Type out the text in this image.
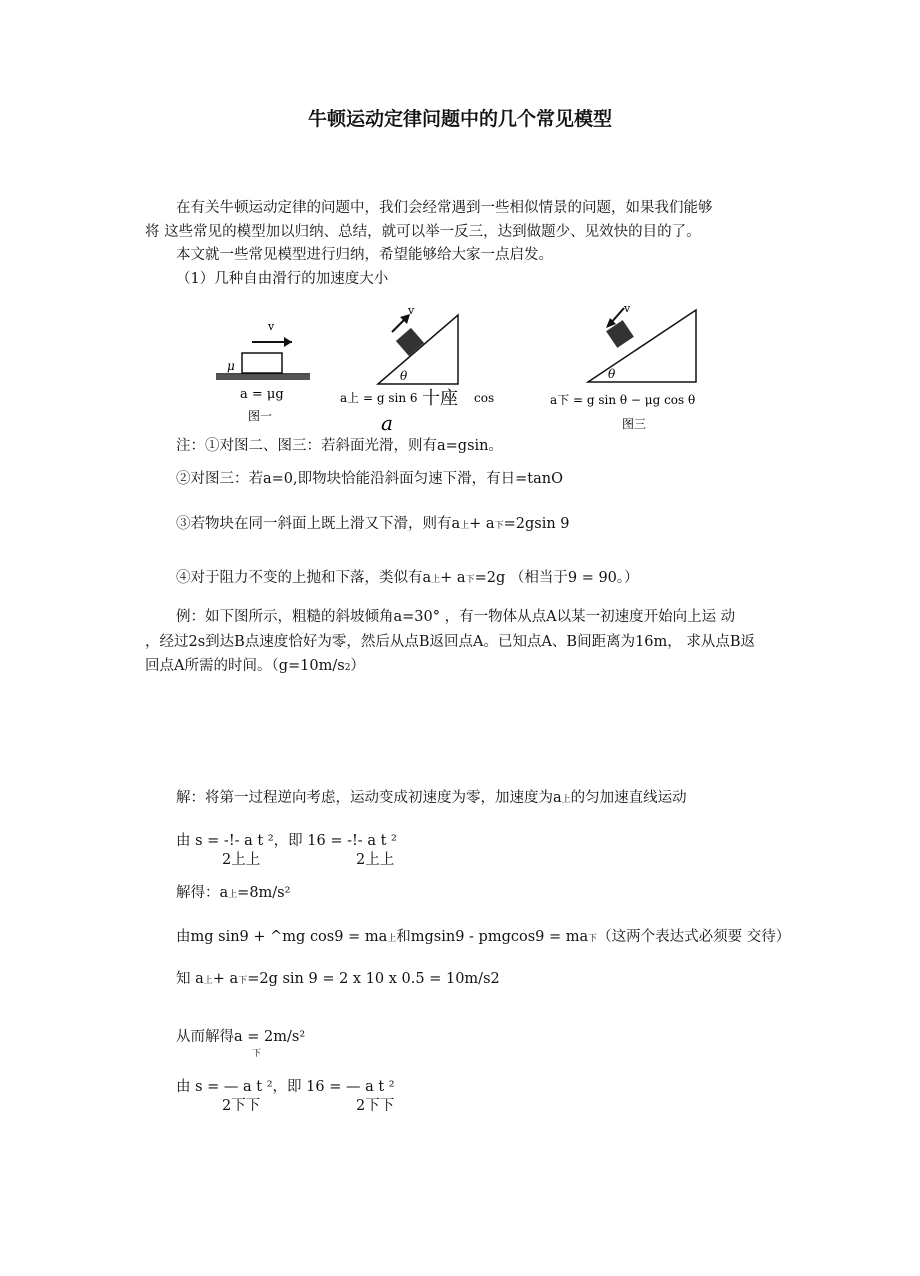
牛顿运动定律问题中的几个常见模型
在有关牛顿运动定律的问题中，我们会经常遇到一些相似情景的问题，如果我们能够
将 这些常见的模型加以归纳、总结，就可以举一反三，达到做题少、见效快的目的了。
本文就一些常见模型进行归纳，希望能够给大家一点启发。
（1）几种自由滑行的加速度大小
v
μ
a = μg
图一
v
θ
a上 = g sin 6 十座 cos
a
v
θ
a下 = g sin θ − μg cos θ
图三
注：①对图二、图三：若斜面光滑，则有a=gsin。
②对图三：若a=0,即物块恰能沿斜面匀速下滑，有日=tanO
③若物块在同一斜面上既上滑又下滑，则有a上+ a下=2gsin 9
④对于阻力不变的上抛和下落，类似有a上+ a下=2g （相当于9 = 90。）
例：如下图所示，粗糙的斜坡倾角a=30° ，有一物体从点A以某一初速度开始向上运 动
，经过2s到达B点速度恰好为零，然后从点B返回点A。已知点A、B间距离为16m， 求从点B返
回点A所需的时间。（g=10m/s2）
解：将第一过程逆向考虑，运动变成初速度为零，加速度为a上的匀加速直线运动
由 s = -!- a t ²，即 16 = -!- a t ²
2上上	2上上
解得：a上=8m/s²
由mg sin9 + ^mg cos9 = ma上和mgsin9 - pmgcos9 = ma下（这两个表达式必须要 交待）
知 a上+ a下=2g sin 9 = 2 x 10 x 0.5 = 10m/s2
从而解得a = 2m/s²
下
由 s = — a t ²，即 16 = — a t ²
2下下	2下下
